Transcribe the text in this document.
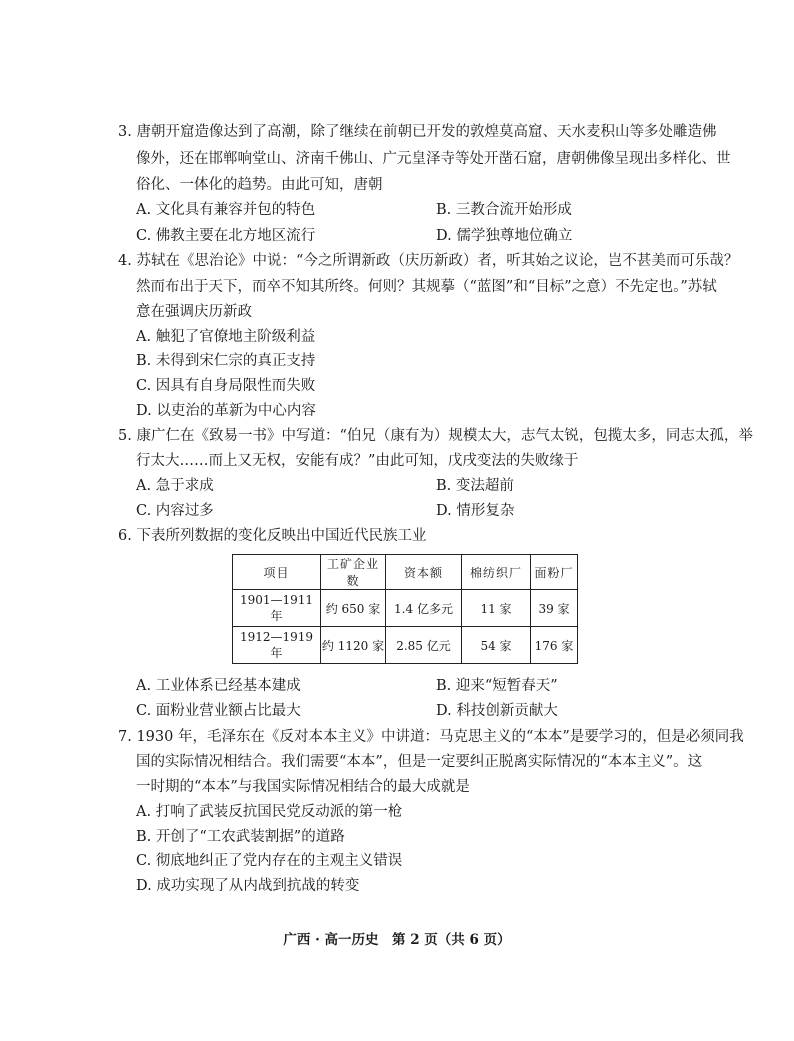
3. 唐朝开窟造像达到了高潮，除了继续在前朝已开发的敦煌莫高窟、天水麦积山等多处雕造佛
像外，还在邯郸响堂山、济南千佛山、广元皇泽寺等处开凿石窟，唐朝佛像呈现出多样化、世
俗化、一体化的趋势。由此可知，唐朝
A. 文化具有兼容并包的特色	B. 三教合流开始形成
C. 佛教主要在北方地区流行	D. 儒学独尊地位确立
4. 苏轼在《思治论》中说：“今之所谓新政（庆历新政）者，听其始之议论，岂不甚美而可乐哉？
然而布出于天下，而卒不知其所终。何则？其规摹（“蓝图”和“目标”之意）不先定也。”苏轼
意在强调庆历新政
A. 触犯了官僚地主阶级利益
B. 未得到宋仁宗的真正支持
C. 因具有自身局限性而失败
D. 以吏治的革新为中心内容
5. 康广仁在《致易一书》中写道：“伯兄（康有为）规模太大，志气太锐，包揽太多，同志太孤，举
行太大……而上又无权，安能有成？”由此可知，戊戌变法的失败缘于
A. 急于求成	B. 变法超前
C. 内容过多	D. 情形复杂
6. 下表所列数据的变化反映出中国近代民族工业
项目	工矿企业数	资本额	棉纺织厂	面粉厂
1901—1911 年	约 650 家	1.4 亿多元	11 家	39 家
1912—1919 年	约 1120 家	2.85 亿元	54 家	176 家
A. 工业体系已经基本建成	B. 迎来“短暂春天”
C. 面粉业营业额占比最大	D. 科技创新贡献大
7. 1930 年，毛泽东在《反对本本主义》中讲道：马克思主义的“本本”是要学习的，但是必须同我
国的实际情况相结合。我们需要“本本”，但是一定要纠正脱离实际情况的“本本主义”。这
一时期的“本本”与我国实际情况相结合的最大成就是
A. 打响了武装反抗国民党反动派的第一枪
B. 开创了“工农武装割据”的道路
C. 彻底地纠正了党内存在的主观主义错误
D. 成功实现了从内战到抗战的转变
广西 · 高一历史　第 2 页（共 6 页）
